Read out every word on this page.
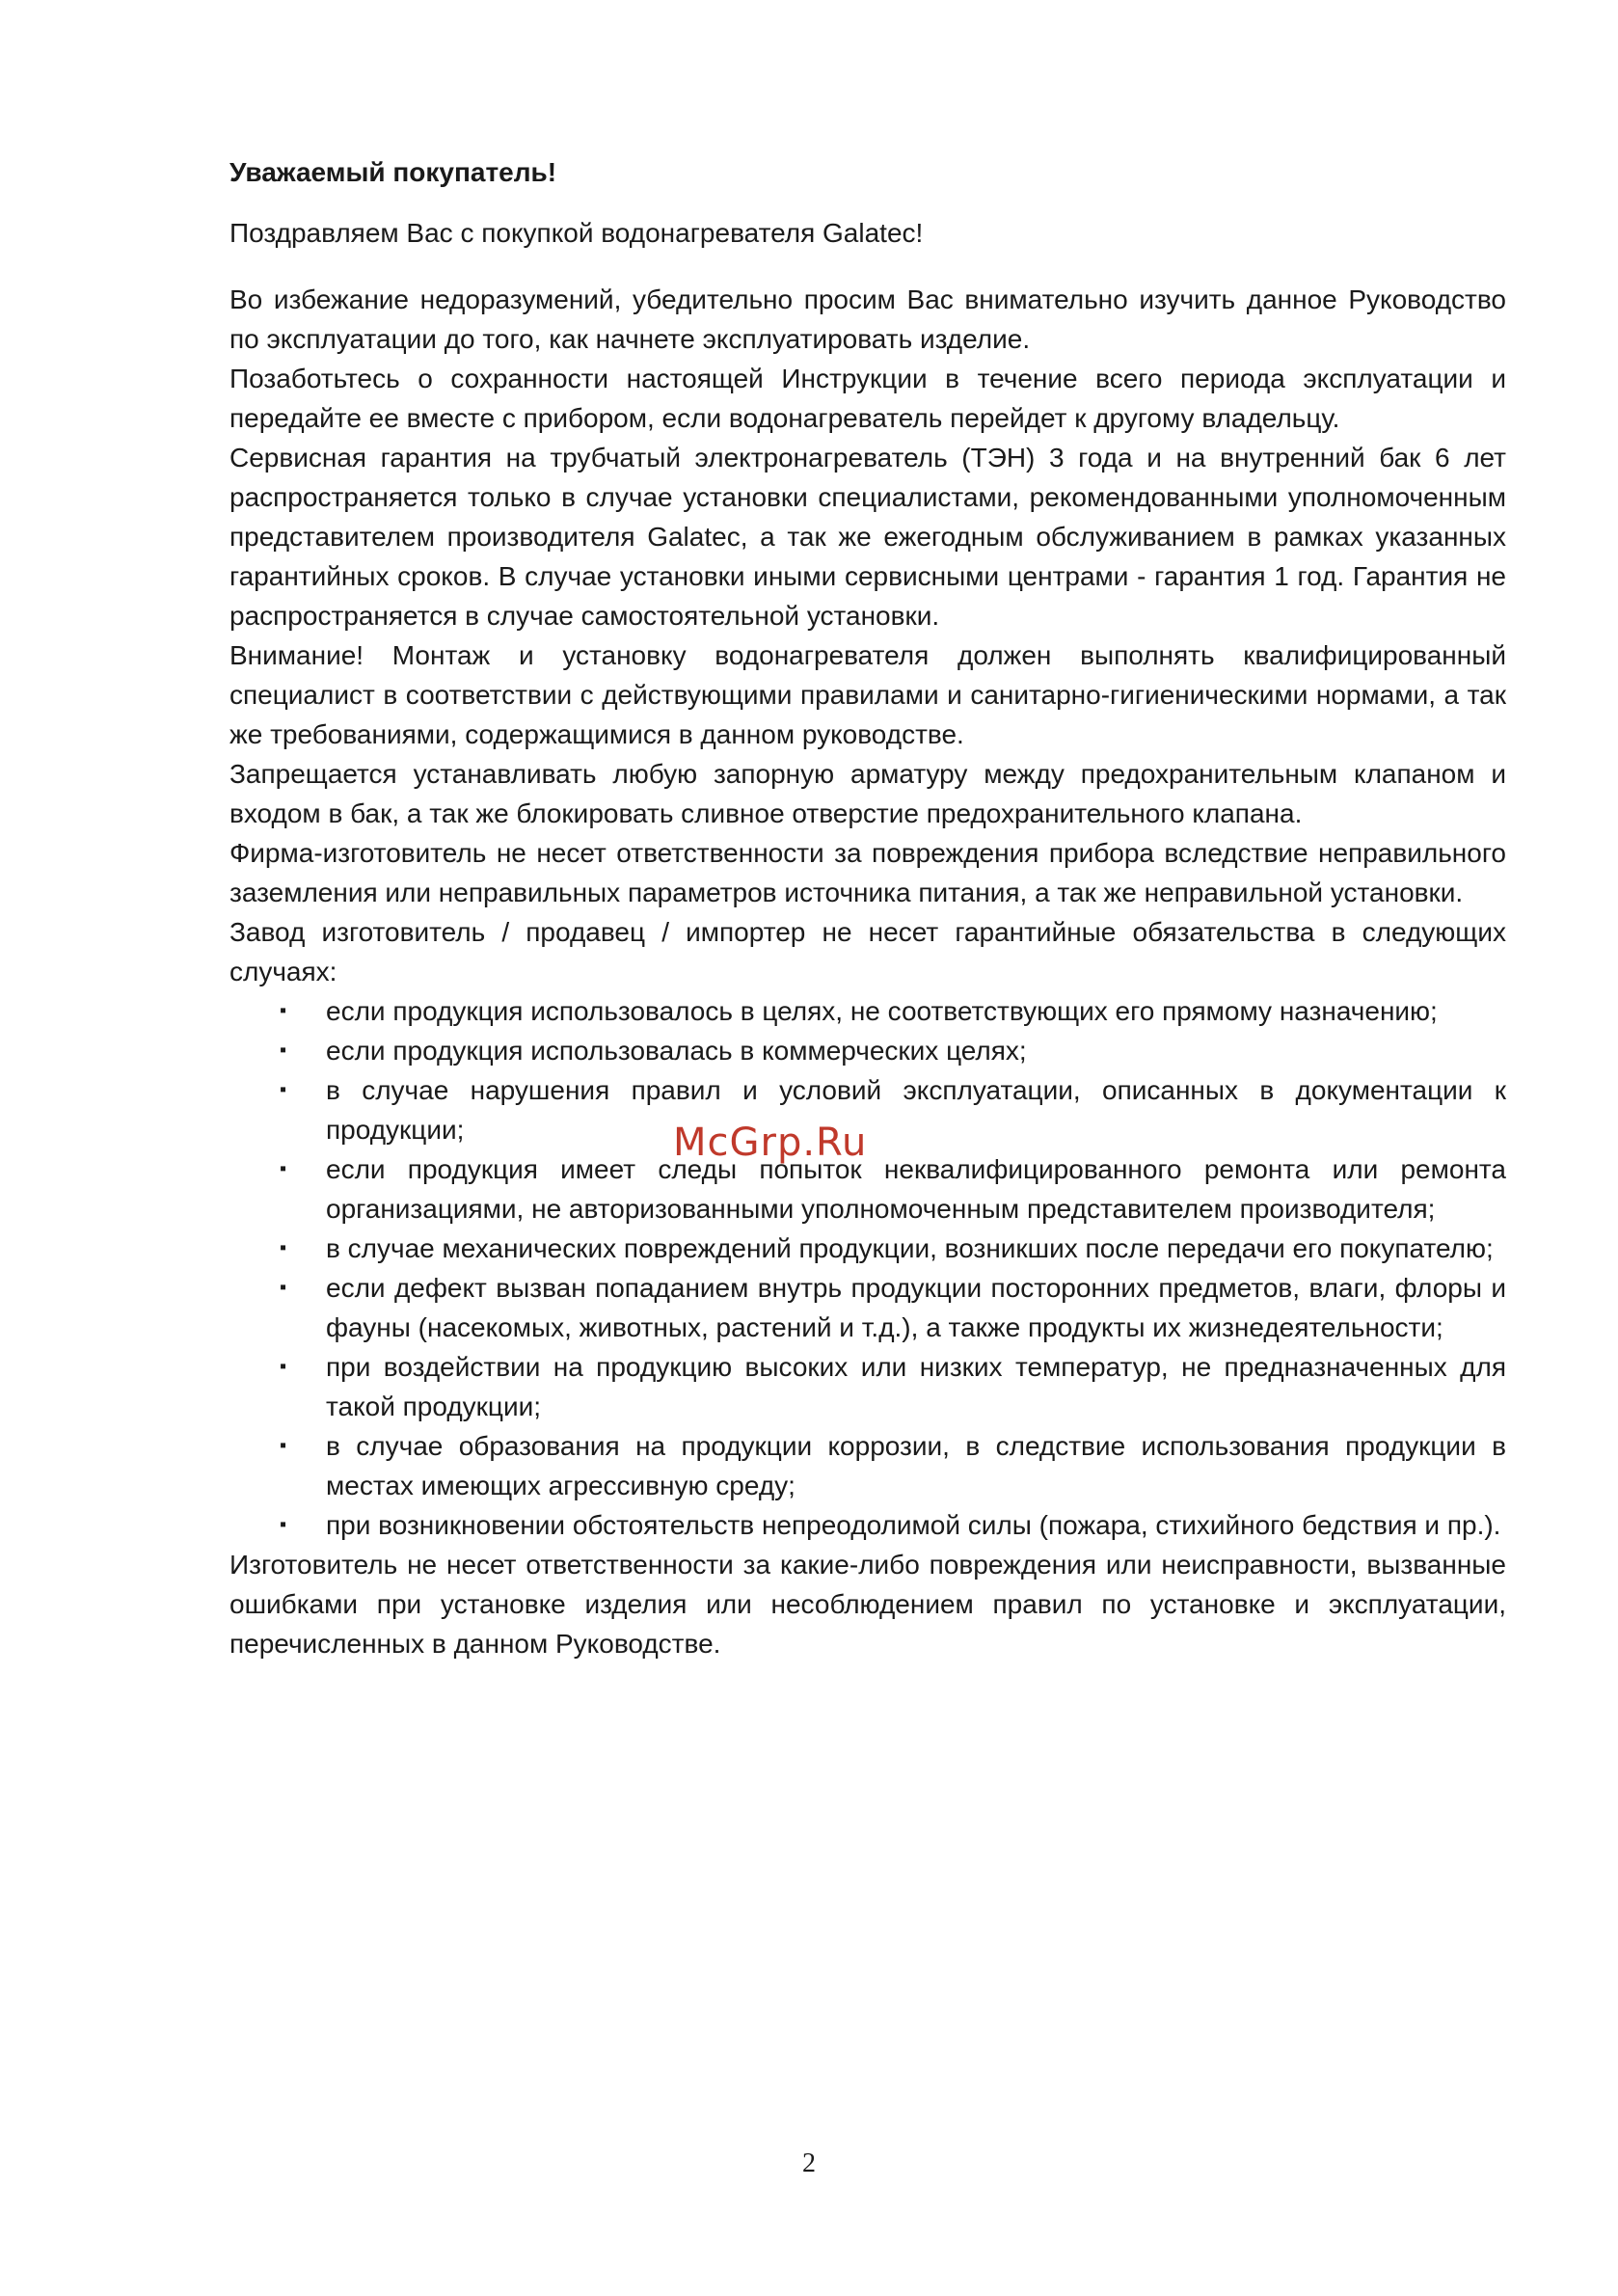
Уважаемый покупатель!

Поздравляем Вас с покупкой водонагревателя Galatec!

Во избежание недоразумений, убедительно просим Вас внимательно изучить данное Руководство по эксплуатации до того, как начнете эксплуатировать изделие.

Позаботьтесь о сохранности настоящей Инструкции в течение всего периода эксплуатации и передайте ее вместе с прибором, если водонагреватель перейдет к другому владельцу.

Сервисная гарантия на трубчатый электронагреватель (ТЭН) 3 года и на внутренний бак 6 лет распространяется только в случае установки специалистами, рекомендованными уполномоченным представителем производителя Galatec, а так же ежегодным обслуживанием в рамках указанных гарантийных сроков. В случае установки иными сервисными центрами - гарантия 1 год. Гарантия не распространяется в случае самостоятельной установки.

Внимание! Монтаж и установку водонагревателя должен выполнять квалифицированный специалист в соответствии с действующими правилами и санитарно-гигиеническими нормами, а так же требованиями, содержащимися в данном руководстве.

Запрещается устанавливать любую запорную арматуру между предохранительным клапаном и входом в бак, а так же блокировать сливное отверстие предохранительного клапана.

Фирма-изготовитель не несет ответственности за повреждения прибора вследствие неправильного заземления или неправильных параметров источника питания, а так же неправильной установки.

Завод изготовитель / продавец / импортер не несет гарантийные обязательства в следующих случаях:

▪ если продукция использовалось в целях, не соответствующих его прямому назначению;
▪ если продукция использовалась в коммерческих целях;
▪ в случае нарушения правил и условий эксплуатации, описанных в документации к продукции;
▪ если продукция имеет следы попыток неквалифицированного ремонта или ремонта организациями, не авторизованными уполномоченным представителем производителя;
▪ в случае механических повреждений продукции, возникших после передачи его покупателю;
▪ если дефект вызван попаданием внутрь продукции посторонних предметов, влаги, флоры и фауны (насекомых, животных, растений и т.д.), а также продукты их жизнедеятельности;
▪ при воздействии на продукцию высоких или низких температур, не предназначенных для такой продукции;
▪ в случае образования на продукции коррозии, в следствие использования продукции в местах имеющих агрессивную среду;
▪ при возникновении обстоятельств непреодолимой силы (пожара, стихийного бедствия и пр.).

Изготовитель не несет ответственности за какие-либо повреждения или неисправности, вызванные ошибками при установке изделия или несоблюдением правил по установке и эксплуатации, перечисленных в данном Руководстве.

McGrp.Ru
2
